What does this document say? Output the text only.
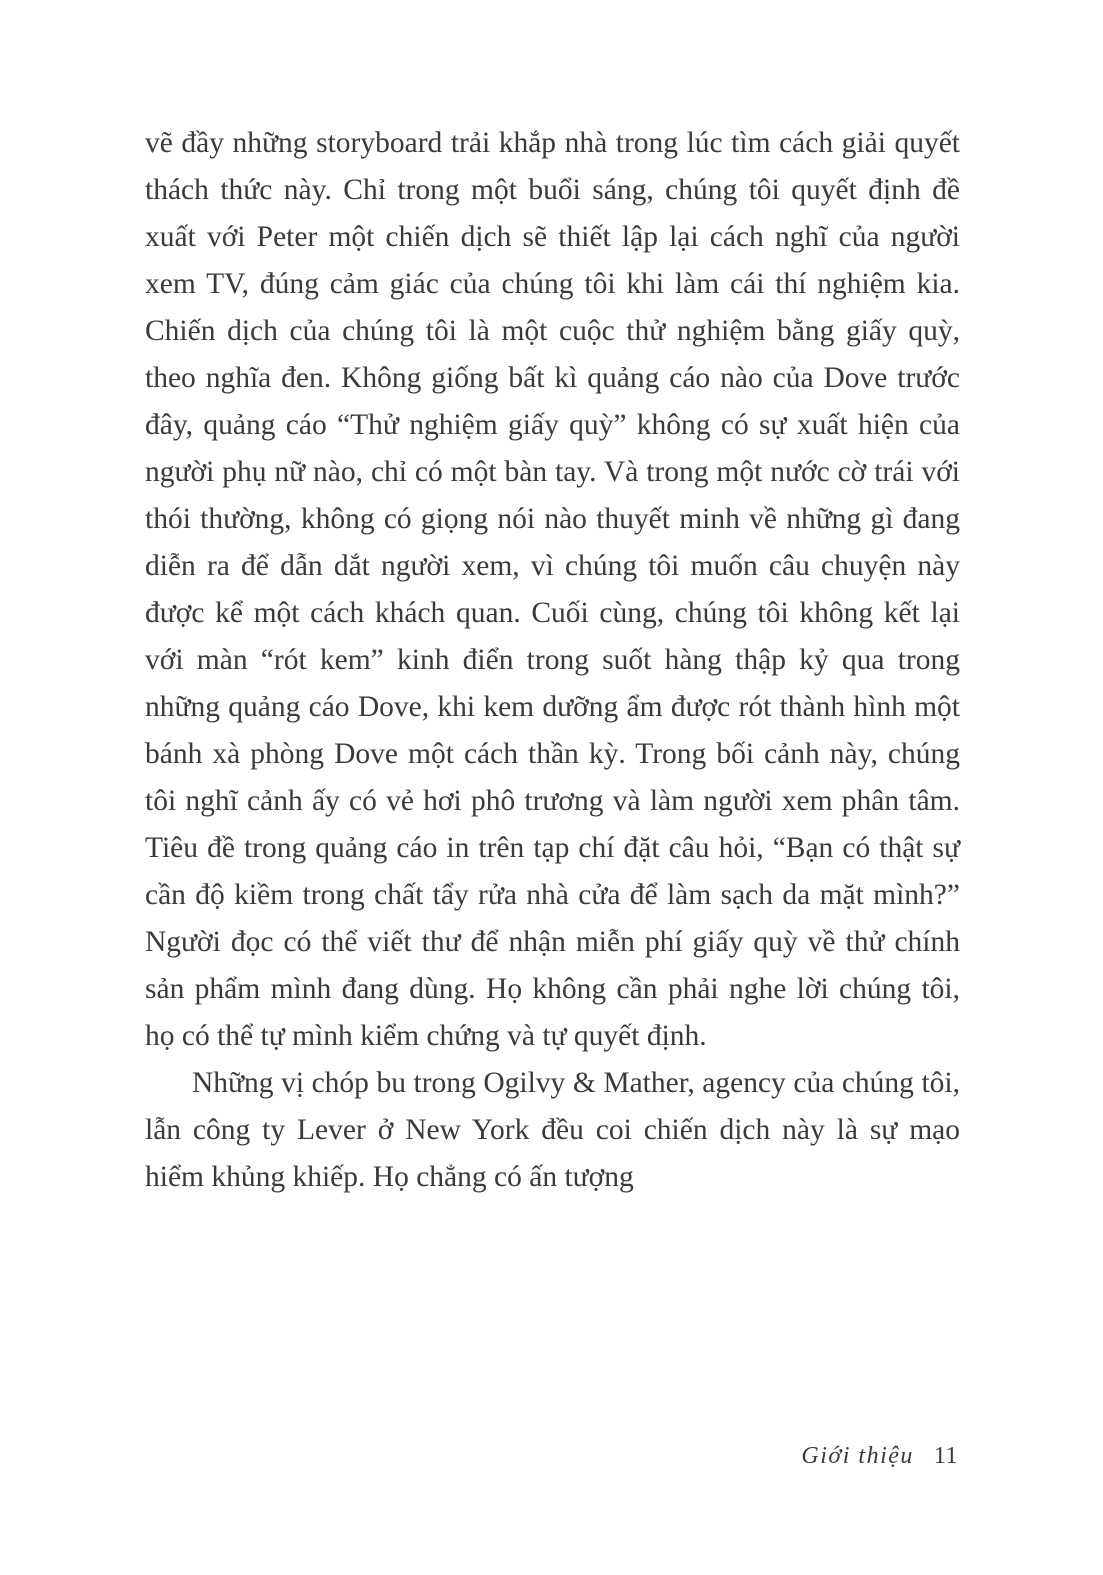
vẽ đầy những storyboard trải khắp nhà trong lúc tìm cách giải quyết thách thức này. Chỉ trong một buổi sáng, chúng tôi quyết định đề xuất với Peter một chiến dịch sẽ thiết lập lại cách nghĩ của người xem TV, đúng cảm giác của chúng tôi khi làm cái thí nghiệm kia. Chiến dịch của chúng tôi là một cuộc thử nghiệm bằng giấy quỳ, theo nghĩa đen. Không giống bất kì quảng cáo nào của Dove trước đây, quảng cáo “Thử nghiệm giấy quỳ” không có sự xuất hiện của người phụ nữ nào, chỉ có một bàn tay. Và trong một nước cờ trái với thói thường, không có giọng nói nào thuyết minh về những gì đang diễn ra để dẫn dắt người xem, vì chúng tôi muốn câu chuyện này được kể một cách khách quan. Cuối cùng, chúng tôi không kết lại với màn “rót kem” kinh điển trong suốt hàng thập kỷ qua trong những quảng cáo Dove, khi kem dưỡng ẩm được rót thành hình một bánh xà phòng Dove một cách thần kỳ. Trong bối cảnh này, chúng tôi nghĩ cảnh ấy có vẻ hơi phô trương và làm người xem phân tâm. Tiêu đề trong quảng cáo in trên tạp chí đặt câu hỏi, “Bạn có thật sự cần độ kiềm trong chất tẩy rửa nhà cửa để làm sạch da mặt mình?” Người đọc có thể viết thư để nhận miễn phí giấy quỳ về thử chính sản phẩm mình đang dùng. Họ không cần phải nghe lời chúng tôi, họ có thể tự mình kiểm chứng và tự quyết định.

Những vị chóp bu trong Ogilvy & Mather, agency của chúng tôi, lẫn công ty Lever ở New York đều coi chiến dịch này là sự mạo hiểm khủng khiếp. Họ chẳng có ấn tượng

Giới thiệu 11
